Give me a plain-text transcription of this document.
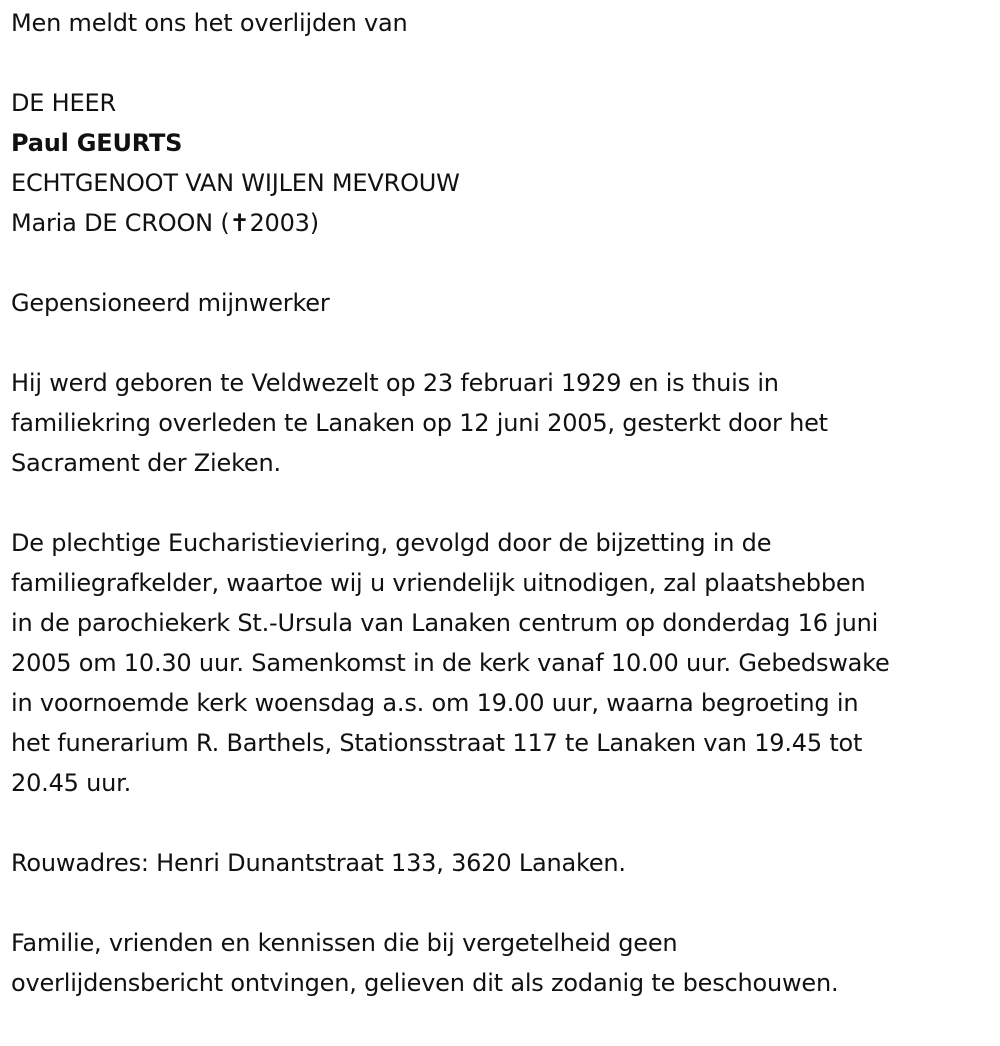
Men meldt ons het overlijden van
DE HEER
Paul GEURTS
ECHTGENOOT VAN WIJLEN MEVROUW
Maria DE CROON (✝2003)
Gepensioneerd mijnwerker
Hij werd geboren te Veldwezelt op 23 februari 1929 en is thuis in
familiekring overleden te Lanaken op 12 juni 2005, gesterkt door het
Sacrament der Zieken.
De plechtige Eucharistieviering, gevolgd door de bijzetting in de
familiegrafkelder, waartoe wij u vriendelijk uitnodigen, zal plaatshebben
in de parochiekerk St.-Ursula van Lanaken centrum op donderdag 16 juni
2005 om 10.30 uur. Samenkomst in de kerk vanaf 10.00 uur. Gebedswake
in voornoemde kerk woensdag a.s. om 19.00 uur, waarna begroeting in
het funerarium R. Barthels, Stationsstraat 117 te Lanaken van 19.45 tot
20.45 uur.
Rouwadres: Henri Dunantstraat 133, 3620 Lanaken.
Familie, vrienden en kennissen die bij vergetelheid geen
overlijdensbericht ontvingen, gelieven dit als zodanig te beschouwen.
